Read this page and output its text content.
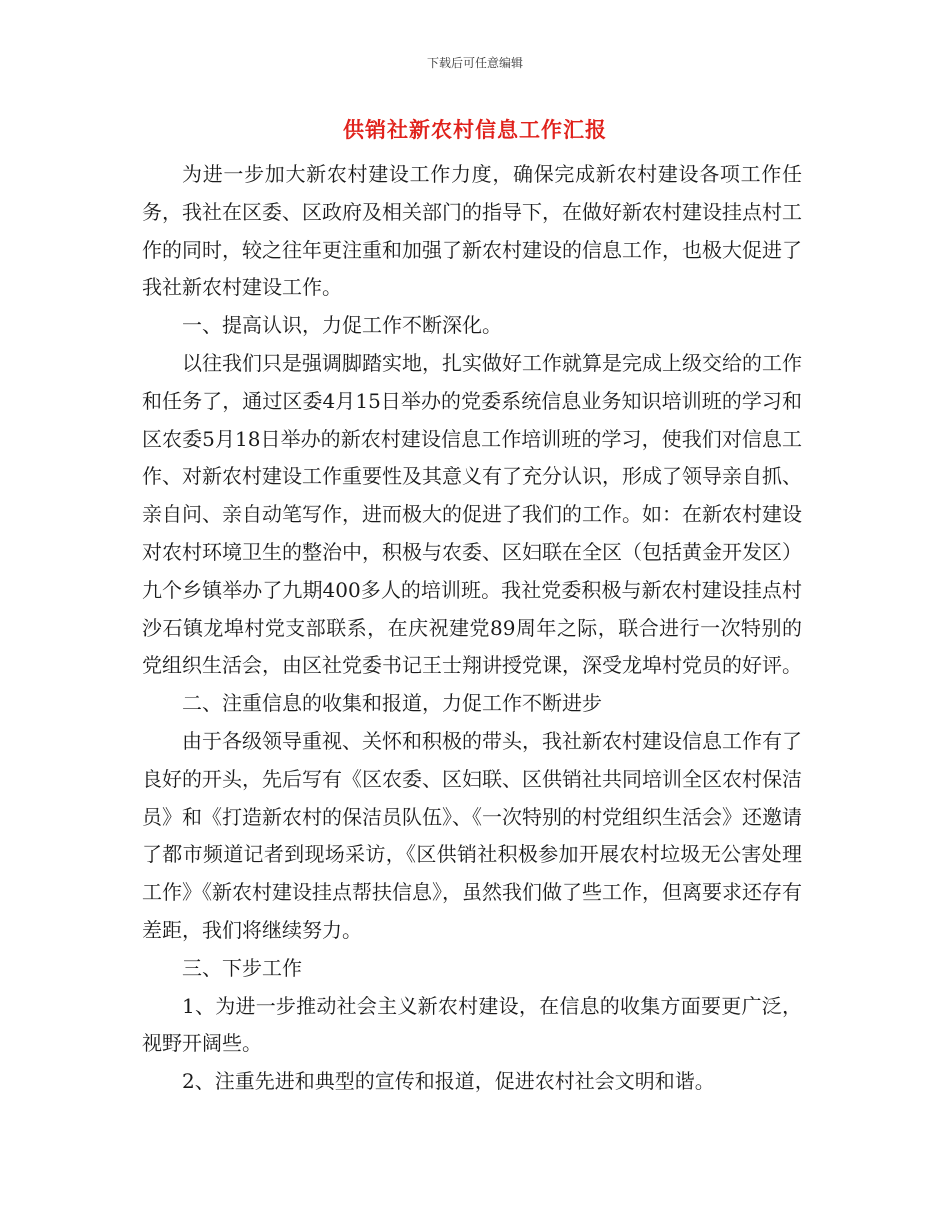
下载后可任意编辑
供销社新农村信息工作汇报

为进一步加大新农村建设工作力度，确保完成新农村建设各项工作任务，我社在区委、区政府及相关部门的指导下，在做好新农村建设挂点村工作的同时，较之往年更注重和加强了新农村建设的信息工作，也极大促进了我社新农村建设工作。

一、提高认识，力促工作不断深化。

以往我们只是强调脚踏实地，扎实做好工作就算是完成上级交给的工作和任务了，通过区委4月15日举办的党委系统信息业务知识培训班的学习和区农委5月18日举办的新农村建设信息工作培训班的学习，使我们对信息工作、对新农村建设工作重要性及其意义有了充分认识，形成了领导亲自抓、亲自问、亲自动笔写作，进而极大的促进了我们的工作。如：在新农村建设对农村环境卫生的整治中，积极与农委、区妇联在全区（包括黄金开发区）九个乡镇举办了九期400多人的培训班。我社党委积极与新农村建设挂点村沙石镇龙埠村党支部联系，在庆祝建党89周年之际，联合进行一次特别的党组织生活会，由区社党委书记王士翔讲授党课，深受龙埠村党员的好评。

二、注重信息的收集和报道，力促工作不断进步

由于各级领导重视、关怀和积极的带头，我社新农村建设信息工作有了良好的开头，先后写有《区农委、区妇联、区供销社共同培训全区农村保洁员》和《打造新农村的保洁员队伍》、《一次特别的村党组织生活会》还邀请了都市频道记者到现场采访，《区供销社积极参加开展农村垃圾无公害处理工作》《新农村建设挂点帮扶信息》，虽然我们做了些工作，但离要求还存有差距，我们将继续努力。

三、下步工作

1、为进一步推动社会主义新农村建设，在信息的收集方面要更广泛，视野开阔些。

2、注重先进和典型的宣传和报道，促进农村社会文明和谐。
